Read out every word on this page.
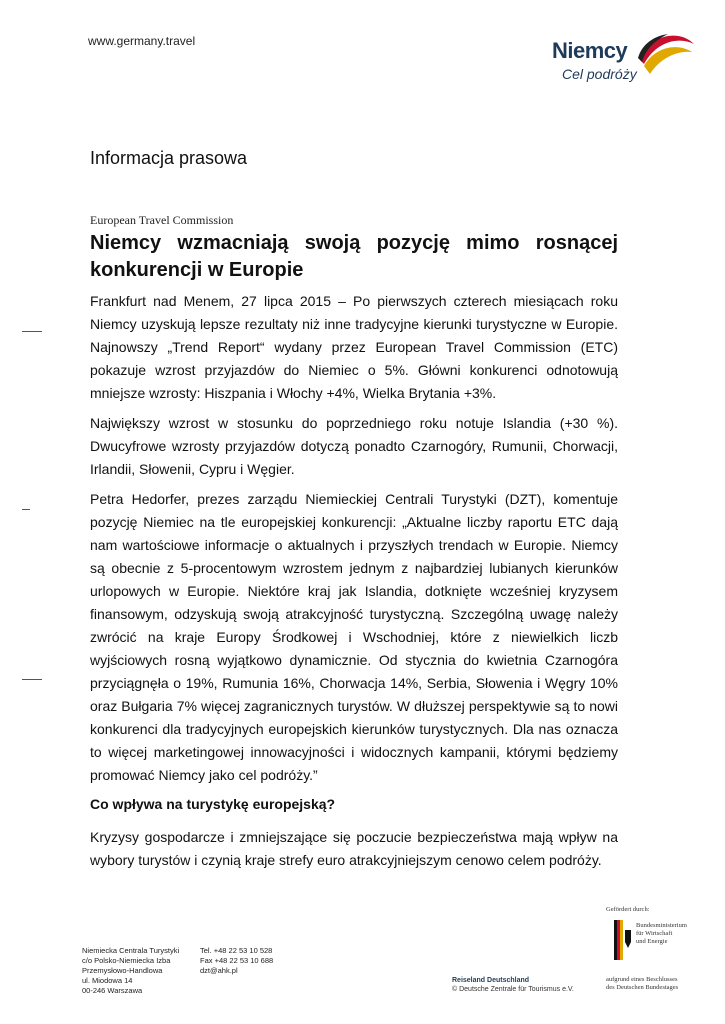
www.germany.travel	Niemcy
Cel podróży
Informacja prasowa
European Travel Commission
Niemcy wzmacniają swoją pozycję mimo rosnącej konkurencji w Europie

Frankfurt nad Menem, 27 lipca 2015 – Po pierwszych czterech miesiącach roku Niemcy uzyskują lepsze rezultaty niż inne tradycyjne kierunki turystyczne w Europie. Najnowszy „Trend Report“ wydany przez European Travel Commission (ETC) pokazuje wzrost przyjazdów do Niemiec o 5%. Główni konkurenci odnotowują mniejsze wzrosty: Hiszpania i Włochy +4%, Wielka Brytania +3%.

Największy wzrost w stosunku do poprzedniego roku notuje Islandia (+30 %). Dwucyfrowe wzrosty przyjazdów dotyczą ponadto Czarnogóry, Rumunii, Chorwacji, Irlandii, Słowenii, Cypru i Węgier.

Petra Hedorfer, prezes zarządu Niemieckiej Centrali Turystyki (DZT), komentuje pozycję Niemiec na tle europejskiej konkurencji: „Aktualne liczby raportu ETC dają nam wartościowe informacje o aktualnych i przyszłych trendach w Europie. Niemcy są obecnie z 5-procentowym wzrostem jednym z najbardziej lubianych kierunków urlopowych w Europie. Niektóre kraj jak Islandia, dotknięte wcześniej kryzysem finansowym, odzyskują swoją atrakcyjność turystyczną. Szczególną uwagę należy zwrócić na kraje Europy Środkowej i Wschodniej, które z niewielkich liczb wyjściowych rosną wyjątkowo dynamicznie. Od stycznia do kwietnia Czarnogóra przyciągnęła o 19%, Rumunia 16%, Chorwacja 14%, Serbia, Słowenia i Węgry 10% oraz Bułgaria 7% więcej zagranicznych turystów. W dłuższej perspektywie są to nowi konkurenci dla tradycyjnych europejskich kierunków turystycznych. Dla nas oznacza to więcej marketingowej innowacyjności i widocznych kampanii, którymi będziemy promować Niemcy jako cel podróży.”

Co wpływa na turystykę europejską?

Kryzysy gospodarcze i zmniejszające się poczucie bezpieczeństwa mają wpływ na wybory turystów i czynią kraje strefy euro atrakcyjniejszym cenowo celem podróży.

Niemiecka Centrala Turystyki
c/o Polsko-Niemiecka Izba
Przemysłowo-Handlowa
ul. Miodowa 14
00-246 Warszawa
Tel. +48 22 53 10 528
Fax +48 22 53 10 688
dzt@ahk.pl
Reiseland Deutschland
© Deutsche Zentrale für Tourismus e.V.
Gefördert durch:
Bundesministerium
für Wirtschaft
und Energie
aufgrund eines Beschlusses
des Deutschen Bundestages
